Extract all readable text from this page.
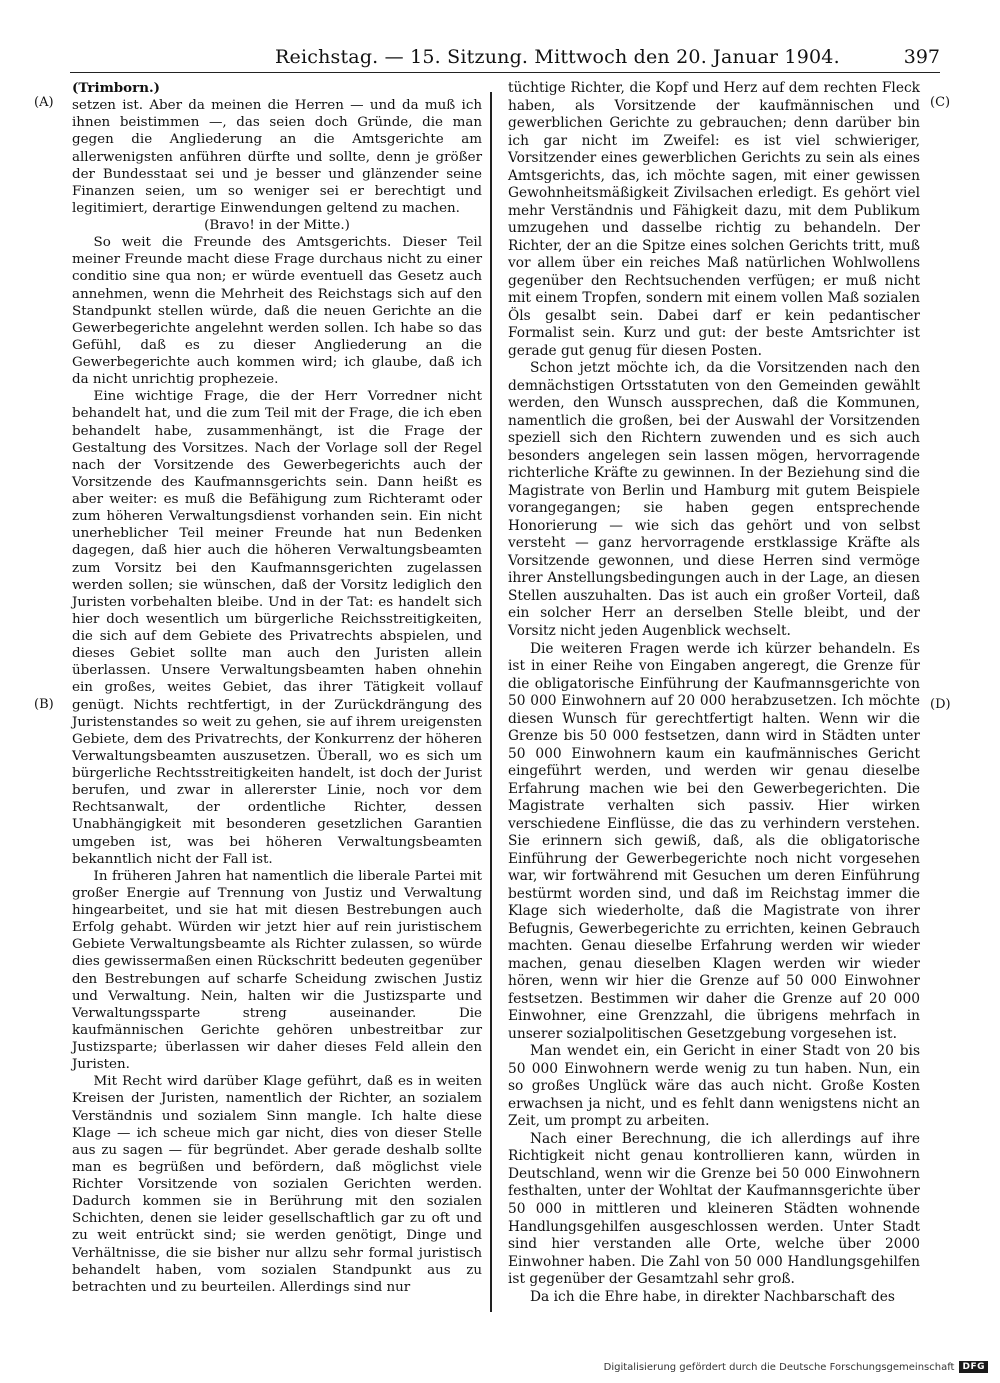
Reichstag. — 15. Sitzung. Mittwoch den 20. Januar 1904.	397
(A)
(B)
(C)
(D)

(Trimborn.)

setzen ist. Aber da meinen die Herren — und da muß ich ihnen beistimmen —, das seien doch Gründe, die man gegen die Angliederung an die Amtsgerichte am allerwenigsten anführen dürfte und sollte, denn je größer der Bundesstaat sei und je besser und glänzender seine Finanzen seien, um so weniger sei er berechtigt und legitimiert, derartige Einwendungen geltend zu machen.

(Bravo! in der Mitte.)

So weit die Freunde des Amtsgerichts. Dieser Teil meiner Freunde macht diese Frage durchaus nicht zu einer conditio sine qua non; er würde eventuell das Gesetz auch annehmen, wenn die Mehrheit des Reichstags sich auf den Standpunkt stellen würde, daß die neuen Gerichte an die Gewerbegerichte angelehnt werden sollen. Ich habe so das Gefühl, daß es zu dieser Angliederung an die Gewerbegerichte auch kommen wird; ich glaube, daß ich da nicht unrichtig prophezeie.

Eine wichtige Frage, die der Herr Vorredner nicht behandelt hat, und die zum Teil mit der Frage, die ich eben behandelt habe, zusammenhängt, ist die Frage der Gestaltung des Vorsitzes. Nach der Vorlage soll der Regel nach der Vorsitzende des Gewerbegerichts auch der Vorsitzende des Kaufmannsgerichts sein. Dann heißt es aber weiter: es muß die Befähigung zum Richteramt oder zum höheren Verwaltungsdienst vorhanden sein. Ein nicht unerheblicher Teil meiner Freunde hat nun Bedenken dagegen, daß hier auch die höheren Verwaltungsbeamten zum Vorsitz bei den Kaufmannsgerichten zugelassen werden sollen; sie wünschen, daß der Vorsitz lediglich den Juristen vorbehalten bleibe. Und in der Tat: es handelt sich hier doch wesentlich um bürgerliche Reichsstreitigkeiten, die sich auf dem Gebiete des Privatrechts abspielen, und dieses Gebiet sollte man auch den Juristen allein überlassen. Unsere Verwaltungsbeamten haben ohnehin ein großes, weites Gebiet, das ihrer Tätigkeit vollauf genügt. Nichts rechtfertigt, in der Zurückdrängung des Juristenstandes so weit zu gehen, sie auf ihrem ureigensten Gebiete, dem des Privatrechts, der Konkurrenz der höheren Verwaltungsbeamten auszusetzen. Überall, wo es sich um bürgerliche Rechtsstreitigkeiten handelt, ist doch der Jurist berufen, und zwar in allererster Linie, noch vor dem Rechtsanwalt, der ordentliche Richter, dessen Unabhängigkeit mit besonderen gesetzlichen Garantien umgeben ist, was bei höheren Verwaltungsbeamten bekanntlich nicht der Fall ist.

In früheren Jahren hat namentlich die liberale Partei mit großer Energie auf Trennung von Justiz und Verwaltung hingearbeitet, und sie hat mit diesen Bestrebungen auch Erfolg gehabt. Würden wir jetzt hier auf rein juristischem Gebiete Verwaltungsbeamte als Richter zulassen, so würde dies gewissermaßen einen Rückschritt bedeuten gegenüber den Bestrebungen auf scharfe Scheidung zwischen Justiz und Verwaltung. Nein, halten wir die Justizsparte und Verwaltungssparte streng auseinander. Die kaufmännischen Gerichte gehören unbestreitbar zur Justizsparte; überlassen wir daher dieses Feld allein den Juristen.

Mit Recht wird darüber Klage geführt, daß es in weiten Kreisen der Juristen, namentlich der Richter, an sozialem Verständnis und sozialem Sinn mangle. Ich halte diese Klage — ich scheue mich gar nicht, dies von dieser Stelle aus zu sagen — für begründet. Aber gerade deshalb sollte man es begrüßen und befördern, daß möglichst viele Richter Vorsitzende von sozialen Gerichten werden. Dadurch kommen sie in Berührung mit den sozialen Schichten, denen sie leider gesellschaftlich gar zu oft und zu weit entrückt sind; sie werden genötigt, Dinge und Verhältnisse, die sie bisher nur allzu sehr formal juristisch behandelt haben, vom sozialen Standpunkt aus zu betrachten und zu beurteilen. Allerdings sind nur

tüchtige Richter, die Kopf und Herz auf dem rechten Fleck haben, als Vorsitzende der kaufmännischen und gewerblichen Gerichte zu gebrauchen; denn darüber bin ich gar nicht im Zweifel: es ist viel schwieriger, Vorsitzender eines gewerblichen Gerichts zu sein als eines Amtsgerichts, das, ich möchte sagen, mit einer gewissen Gewohnheitsmäßigkeit Zivilsachen erledigt. Es gehört viel mehr Verständnis und Fähigkeit dazu, mit dem Publikum umzugehen und dasselbe richtig zu behandeln. Der Richter, der an die Spitze eines solchen Gerichts tritt, muß vor allem über ein reiches Maß natürlichen Wohlwollens gegenüber den Rechtsuchenden verfügen; er muß nicht mit einem Tropfen, sondern mit einem vollen Maß sozialen Öls gesalbt sein. Dabei darf er kein pedantischer Formalist sein. Kurz und gut: der beste Amtsrichter ist gerade gut genug für diesen Posten.

Schon jetzt möchte ich, da die Vorsitzenden nach den demnächstigen Ortsstatuten von den Gemeinden gewählt werden, den Wunsch aussprechen, daß die Kommunen, namentlich die großen, bei der Auswahl der Vorsitzenden speziell sich den Richtern zuwenden und es sich auch besonders angelegen sein lassen mögen, hervorragende richterliche Kräfte zu gewinnen. In der Beziehung sind die Magistrate von Berlin und Hamburg mit gutem Beispiele vorangegangen; sie haben gegen entsprechende Honorierung — wie sich das gehört und von selbst versteht — ganz hervorragende erstklassige Kräfte als Vorsitzende gewonnen, und diese Herren sind vermöge ihrer Anstellungsbedingungen auch in der Lage, an diesen Stellen auszuhalten. Das ist auch ein großer Vorteil, daß ein solcher Herr an derselben Stelle bleibt, und der Vorsitz nicht jeden Augenblick wechselt.

Die weiteren Fragen werde ich kürzer behandeln. Es ist in einer Reihe von Eingaben angeregt, die Grenze für die obligatorische Einführung der Kaufmannsgerichte von 50 000 Einwohnern auf 20 000 herabzusetzen. Ich möchte diesen Wunsch für gerechtfertigt halten. Wenn wir die Grenze bis 50 000 festsetzen, dann wird in Städten unter 50 000 Einwohnern kaum ein kaufmännisches Gericht eingeführt werden, und werden wir genau dieselbe Erfahrung machen wie bei den Gewerbegerichten. Die Magistrate verhalten sich passiv. Hier wirken verschiedene Einflüsse, die das zu verhindern verstehen. Sie erinnern sich gewiß, daß, als die obligatorische Einführung der Gewerbegerichte noch nicht vorgesehen war, wir fortwährend mit Gesuchen um deren Einführung bestürmt worden sind, und daß im Reichstag immer die Klage sich wiederholte, daß die Magistrate von ihrer Befugnis, Gewerbegerichte zu errichten, keinen Gebrauch machten. Genau dieselbe Erfahrung werden wir wieder machen, genau dieselben Klagen werden wir wieder hören, wenn wir hier die Grenze auf 50 000 Einwohner festsetzen. Bestimmen wir daher die Grenze auf 20 000 Einwohner, eine Grenzzahl, die übrigens mehrfach in unserer sozialpolitischen Gesetzgebung vorgesehen ist.

Man wendet ein, ein Gericht in einer Stadt von 20 bis 50 000 Einwohnern werde wenig zu tun haben. Nun, ein so großes Unglück wäre das auch nicht. Große Kosten erwachsen ja nicht, und es fehlt dann wenigstens nicht an Zeit, um prompt zu arbeiten.

Nach einer Berechnung, die ich allerdings auf ihre Richtigkeit nicht genau kontrollieren kann, würden in Deutschland, wenn wir die Grenze bei 50 000 Einwohnern festhalten, unter der Wohltat der Kaufmannsgerichte über 50 000 in mittleren und kleineren Städten wohnende Handlungsgehilfen ausgeschlossen werden. Unter Stadt sind hier verstanden alle Orte, welche über 2000 Einwohner haben. Die Zahl von 50 000 Handlungsgehilfen ist gegenüber der Gesamtzahl sehr groß.

Da ich die Ehre habe, in direkter Nachbarschaft des

Digitalisierung gefördert durch die Deutsche Forschungsgemeinschaft DFG
